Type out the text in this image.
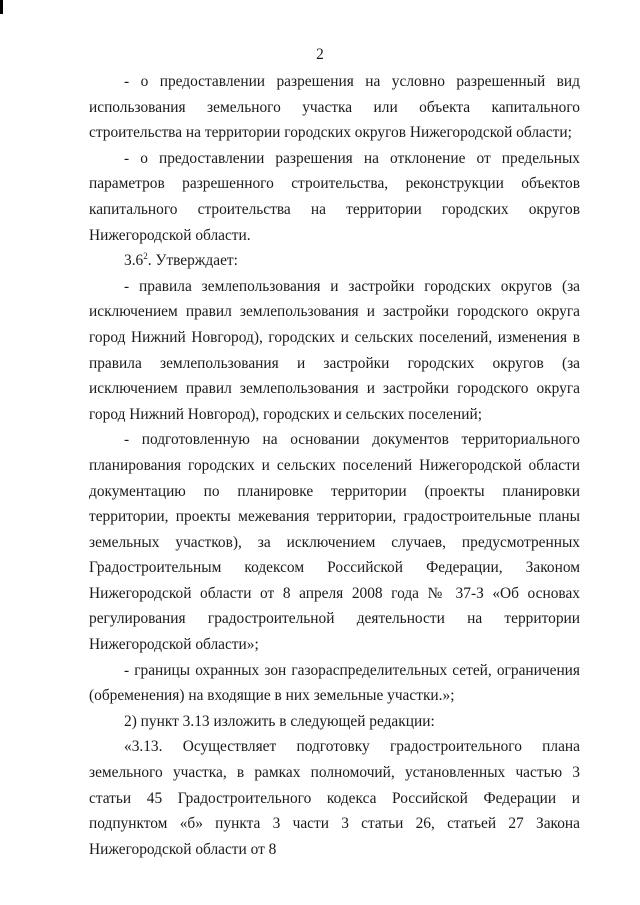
2

- о предоставлении разрешения на условно разрешенный вид использования земельного участка или объекта капитального строительства на территории городских округов Нижегородской области;

- о предоставлении разрешения на отклонение от предельных параметров разрешенного строительства, реконструкции объектов капитального строительства на территории городских округов Нижегородской области.

$3.6^2$. Утверждает:

- правила землепользования и застройки городских округов (за исключением правил землепользования и застройки городского округа город Нижний Новгород), городских и сельских поселений, изменения в правила землепользования и застройки городских округов (за исключением правил землепользования и застройки городского округа город Нижний Новгород), городских и сельских поселений;

- подготовленную на основании документов территориального планирования городских и сельских поселений Нижегородской области документацию по планировке территории (проекты планировки территории, проекты межевания территории, градостроительные планы земельных участков), за исключением случаев, предусмотренных Градостроительным кодексом Российской Федерации, Законом Нижегородской области от 8 апреля 2008 года № 37-З «Об основах регулирования градостроительной деятельности на территории Нижегородской области»;

- границы охранных зон газораспределительных сетей, ограничения (обременения) на входящие в них земельные участки.»;

2) пункт 3.13 изложить в следующей редакции:

«3.13. Осуществляет подготовку градостроительного плана земельного участка, в рамках полномочий, установленных частью 3 статьи 45 Градостроительного кодекса Российской Федерации и подпунктом «б» пункта 3 части 3 статьи 26, статьей 27 Закона Нижегородской области от 8
